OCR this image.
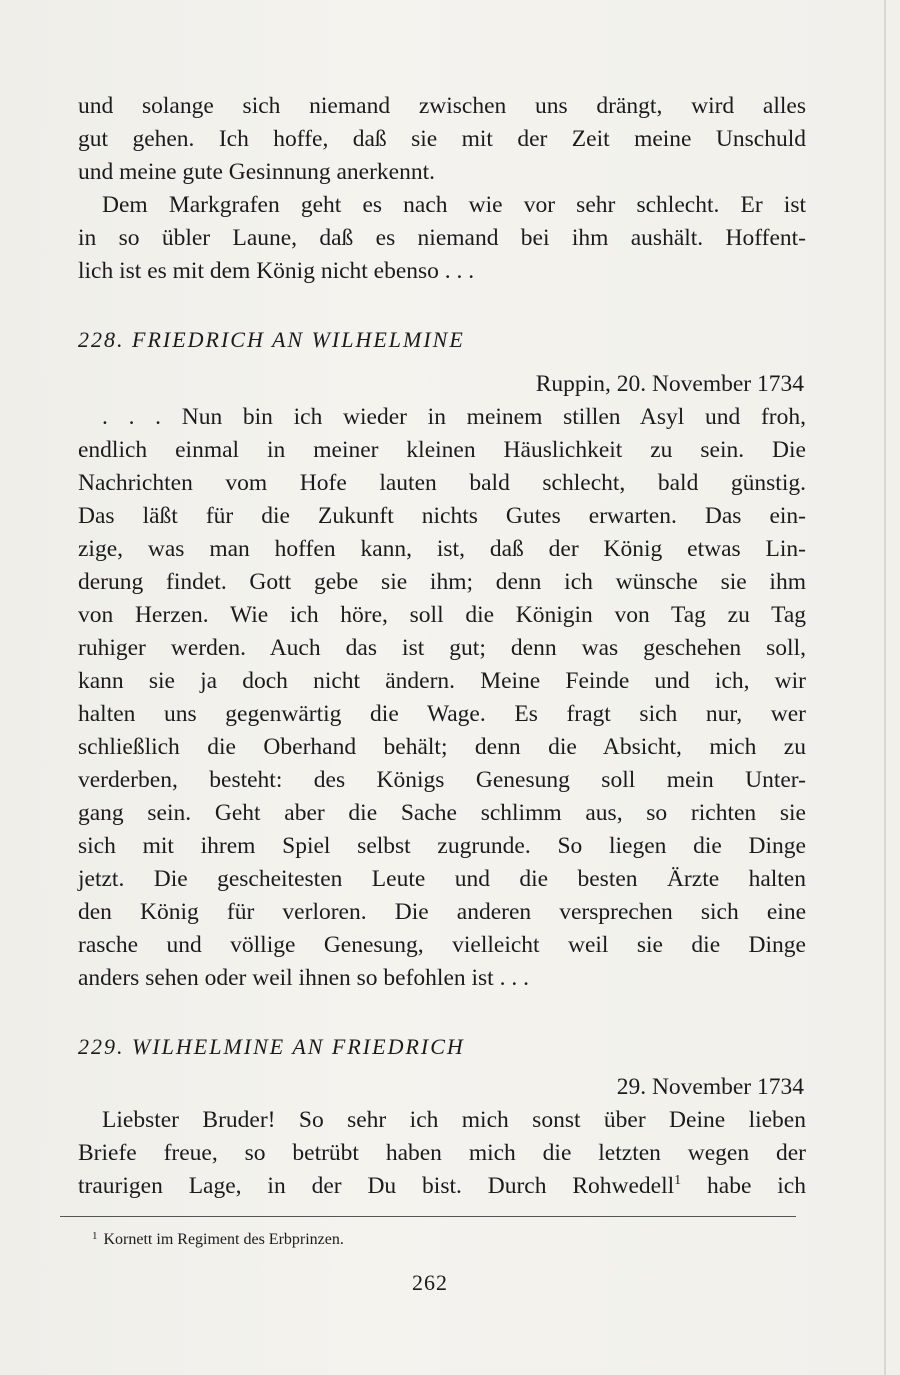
und solange sich niemand zwischen uns drängt, wird alles
gut gehen. Ich hoffe, daß sie mit der Zeit meine Unschuld
und meine gute Gesinnung anerkennt.
Dem Markgrafen geht es nach wie vor sehr schlecht. Er ist
in so übler Laune, daß es niemand bei ihm aushält. Hoffent-
lich ist es mit dem König nicht ebenso . . .
228. FRIEDRICH AN WILHELMINE
Ruppin, 20. November 1734
. . . Nun bin ich wieder in meinem stillen Asyl und froh,
endlich einmal in meiner kleinen Häuslichkeit zu sein. Die
Nachrichten vom Hofe lauten bald schlecht, bald günstig.
Das läßt für die Zukunft nichts Gutes erwarten. Das ein-
zige, was man hoffen kann, ist, daß der König etwas Lin-
derung findet. Gott gebe sie ihm; denn ich wünsche sie ihm
von Herzen. Wie ich höre, soll die Königin von Tag zu Tag
ruhiger werden. Auch das ist gut; denn was geschehen soll,
kann sie ja doch nicht ändern. Meine Feinde und ich, wir
halten uns gegenwärtig die Wage. Es fragt sich nur, wer
schließlich die Oberhand behält; denn die Absicht, mich zu
verderben, besteht: des Königs Genesung soll mein Unter-
gang sein. Geht aber die Sache schlimm aus, so richten sie
sich mit ihrem Spiel selbst zugrunde. So liegen die Dinge
jetzt. Die gescheitesten Leute und die besten Ärzte halten
den König für verloren. Die anderen versprechen sich eine
rasche und völlige Genesung, vielleicht weil sie die Dinge
anders sehen oder weil ihnen so befohlen ist . . .
229. WILHELMINE AN FRIEDRICH
29. November 1734
Liebster Bruder! So sehr ich mich sonst über Deine lieben
Briefe freue, so betrübt haben mich die letzten wegen der
traurigen Lage, in der Du bist. Durch Rohwedell$^1$ habe ich
$^1$ Kornett im Regiment des Erbprinzen.
262
